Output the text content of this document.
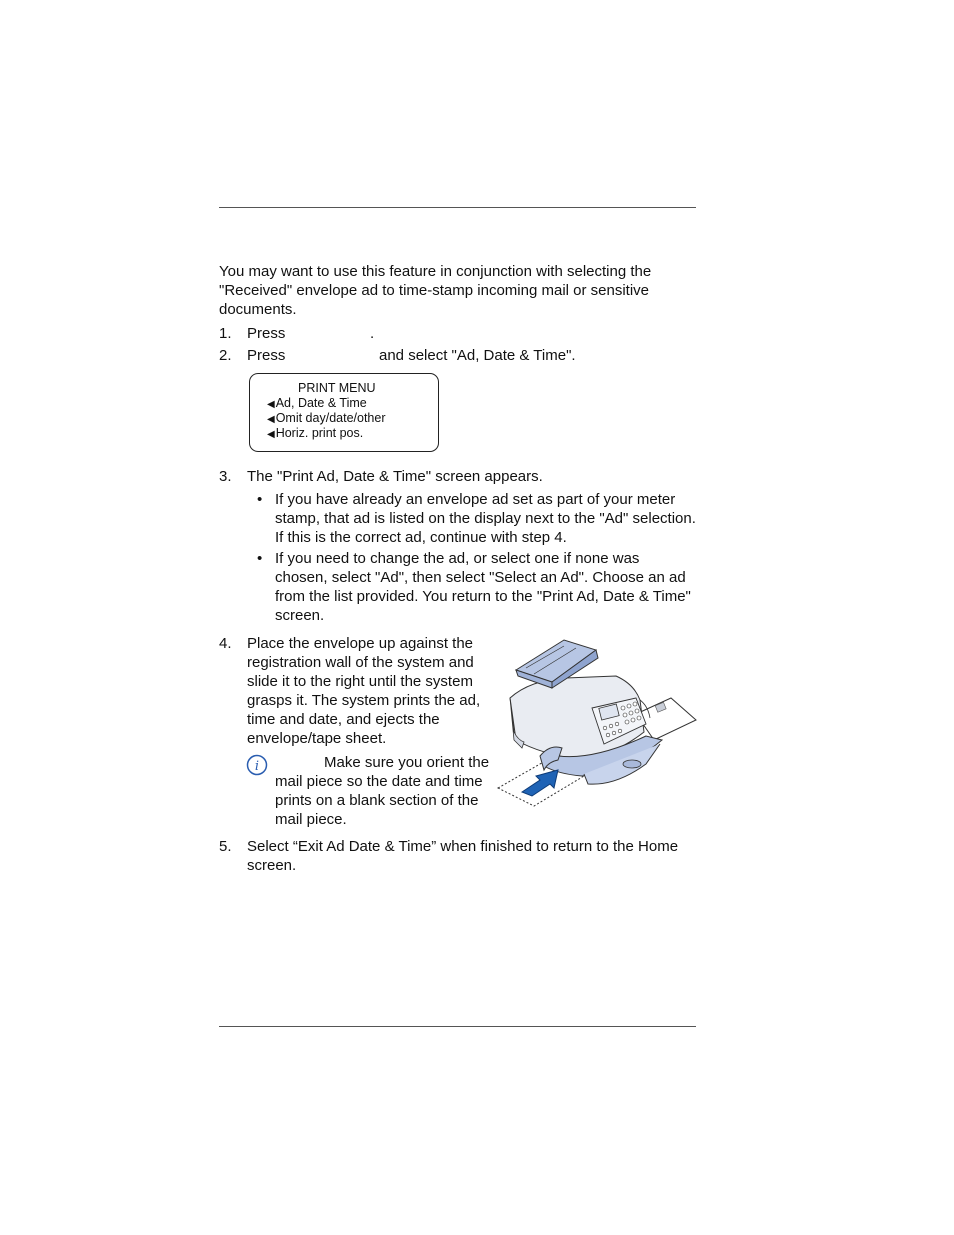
You may want to use this feature in conjunction with selecting the "Received" envelope ad to time-stamp incoming mail or sensitive documents.
1. Press	.
2. Press	and select "Ad, Date & Time".
PRINT MENU
◀Ad, Date & Time
◀Omit day/date/other
◀Horiz. print pos.
3. The "Print Ad, Date & Time" screen appears.
• If you have already an envelope ad set as part of your meter stamp, that ad is listed on the display next to the "Ad" selection. If this is the correct ad, continue with step 4.
• If you need to change the ad, or select one if none was chosen, select "Ad", then select "Select an Ad". Choose an ad from the list provided. You return to the "Print Ad, Date & Time" screen.
4. Place the envelope up against the registration wall of the system and slide it to the right until the system grasps it. The system prints the ad, time and date, and ejects the envelope/tape sheet.
i	Make sure you orient the mail piece so the date and time prints on a blank section of the mail piece.
5. Select “Exit Ad Date & Time” when finished to return to the Home screen.
